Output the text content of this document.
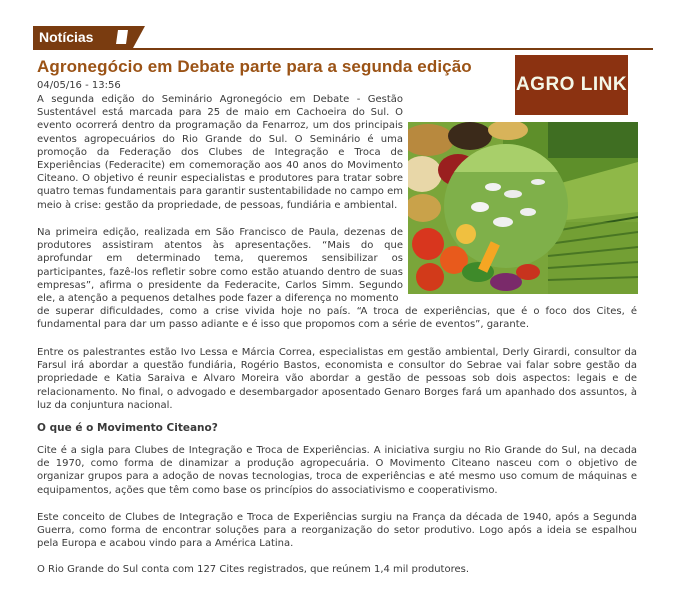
Notícias
Agronegócio em Debate parte para a segunda edição
04/05/16 - 13:56	AGRO LINK

A segunda edição do Seminário Agronegócio em Debate - Gestão Sustentável está marcada para 25 de maio em Cachoeira do Sul. O evento ocorrerá dentro da programação da Fenarroz, um dos principais eventos agropecuários do Rio Grande do Sul. O Seminário é uma promoção da Federação dos Clubes de Integração e Troca de Experiências (Federacite) em comemoração aos 40 anos do Movimento Citeano. O objetivo é reunir especialistas e produtores para tratar sobre quatro temas fundamentais para garantir sustentabilidade no campo em meio à crise: gestão da propriedade, de pessoas, fundiária e ambiental.

Na primeira edição, realizada em São Francisco de Paula, dezenas de produtores assistiram atentos às apresentações. “Mais do que aprofundar em determinado tema, queremos sensibilizar os participantes, fazê-los refletir sobre como estão atuando dentro de suas empresas”, afirma o presidente da Federacite, Carlos Simm. Segundo ele, a atenção a pequenos detalhes pode fazer a diferença no momento

de superar dificuldades, como a crise vivida hoje no país. “A troca de experiências, que é o foco dos Cites, é fundamental para dar um passo adiante e é isso que propomos com a série de eventos”, garante.

Entre os palestrantes estão Ivo Lessa e Márcia Correa, especialistas em gestão ambiental, Derly Girardi, consultor da Farsul irá abordar a questão fundiária, Rogério Bastos, economista e consultor do Sebrae vai falar sobre gestão da propriedade e Katia Saraiva e Alvaro Moreira vão abordar a gestão de pessoas sob dois aspectos: legais e de relacionamento. No final, o advogado e desembargador aposentado Genaro Borges fará um apanhado dos assuntos, à luz da conjuntura nacional.

O que é o Movimento Citeano?

Cite é a sigla para Clubes de Integração e Troca de Experiências. A iniciativa surgiu no Rio Grande do Sul, na decada de 1970, como forma de dinamizar a produção agropecuária. O Movimento Citeano nasceu com o objetivo de organizar grupos para a adoção de novas tecnologias, troca de experiências e até mesmo uso comum de máquinas e equipamentos, ações que têm como base os princípios do associativismo e cooperativismo.

Este conceito de Clubes de Integração e Troca de Experiências surgiu na França da década de 1940, após a Segunda Guerra, como forma de encontrar soluções para a reorganização do setor produtivo. Logo após a ideia se espalhou pela Europa e acabou vindo para a América Latina.

O Rio Grande do Sul conta com 127 Cites registrados, que reúnem 1,4 mil produtores.
